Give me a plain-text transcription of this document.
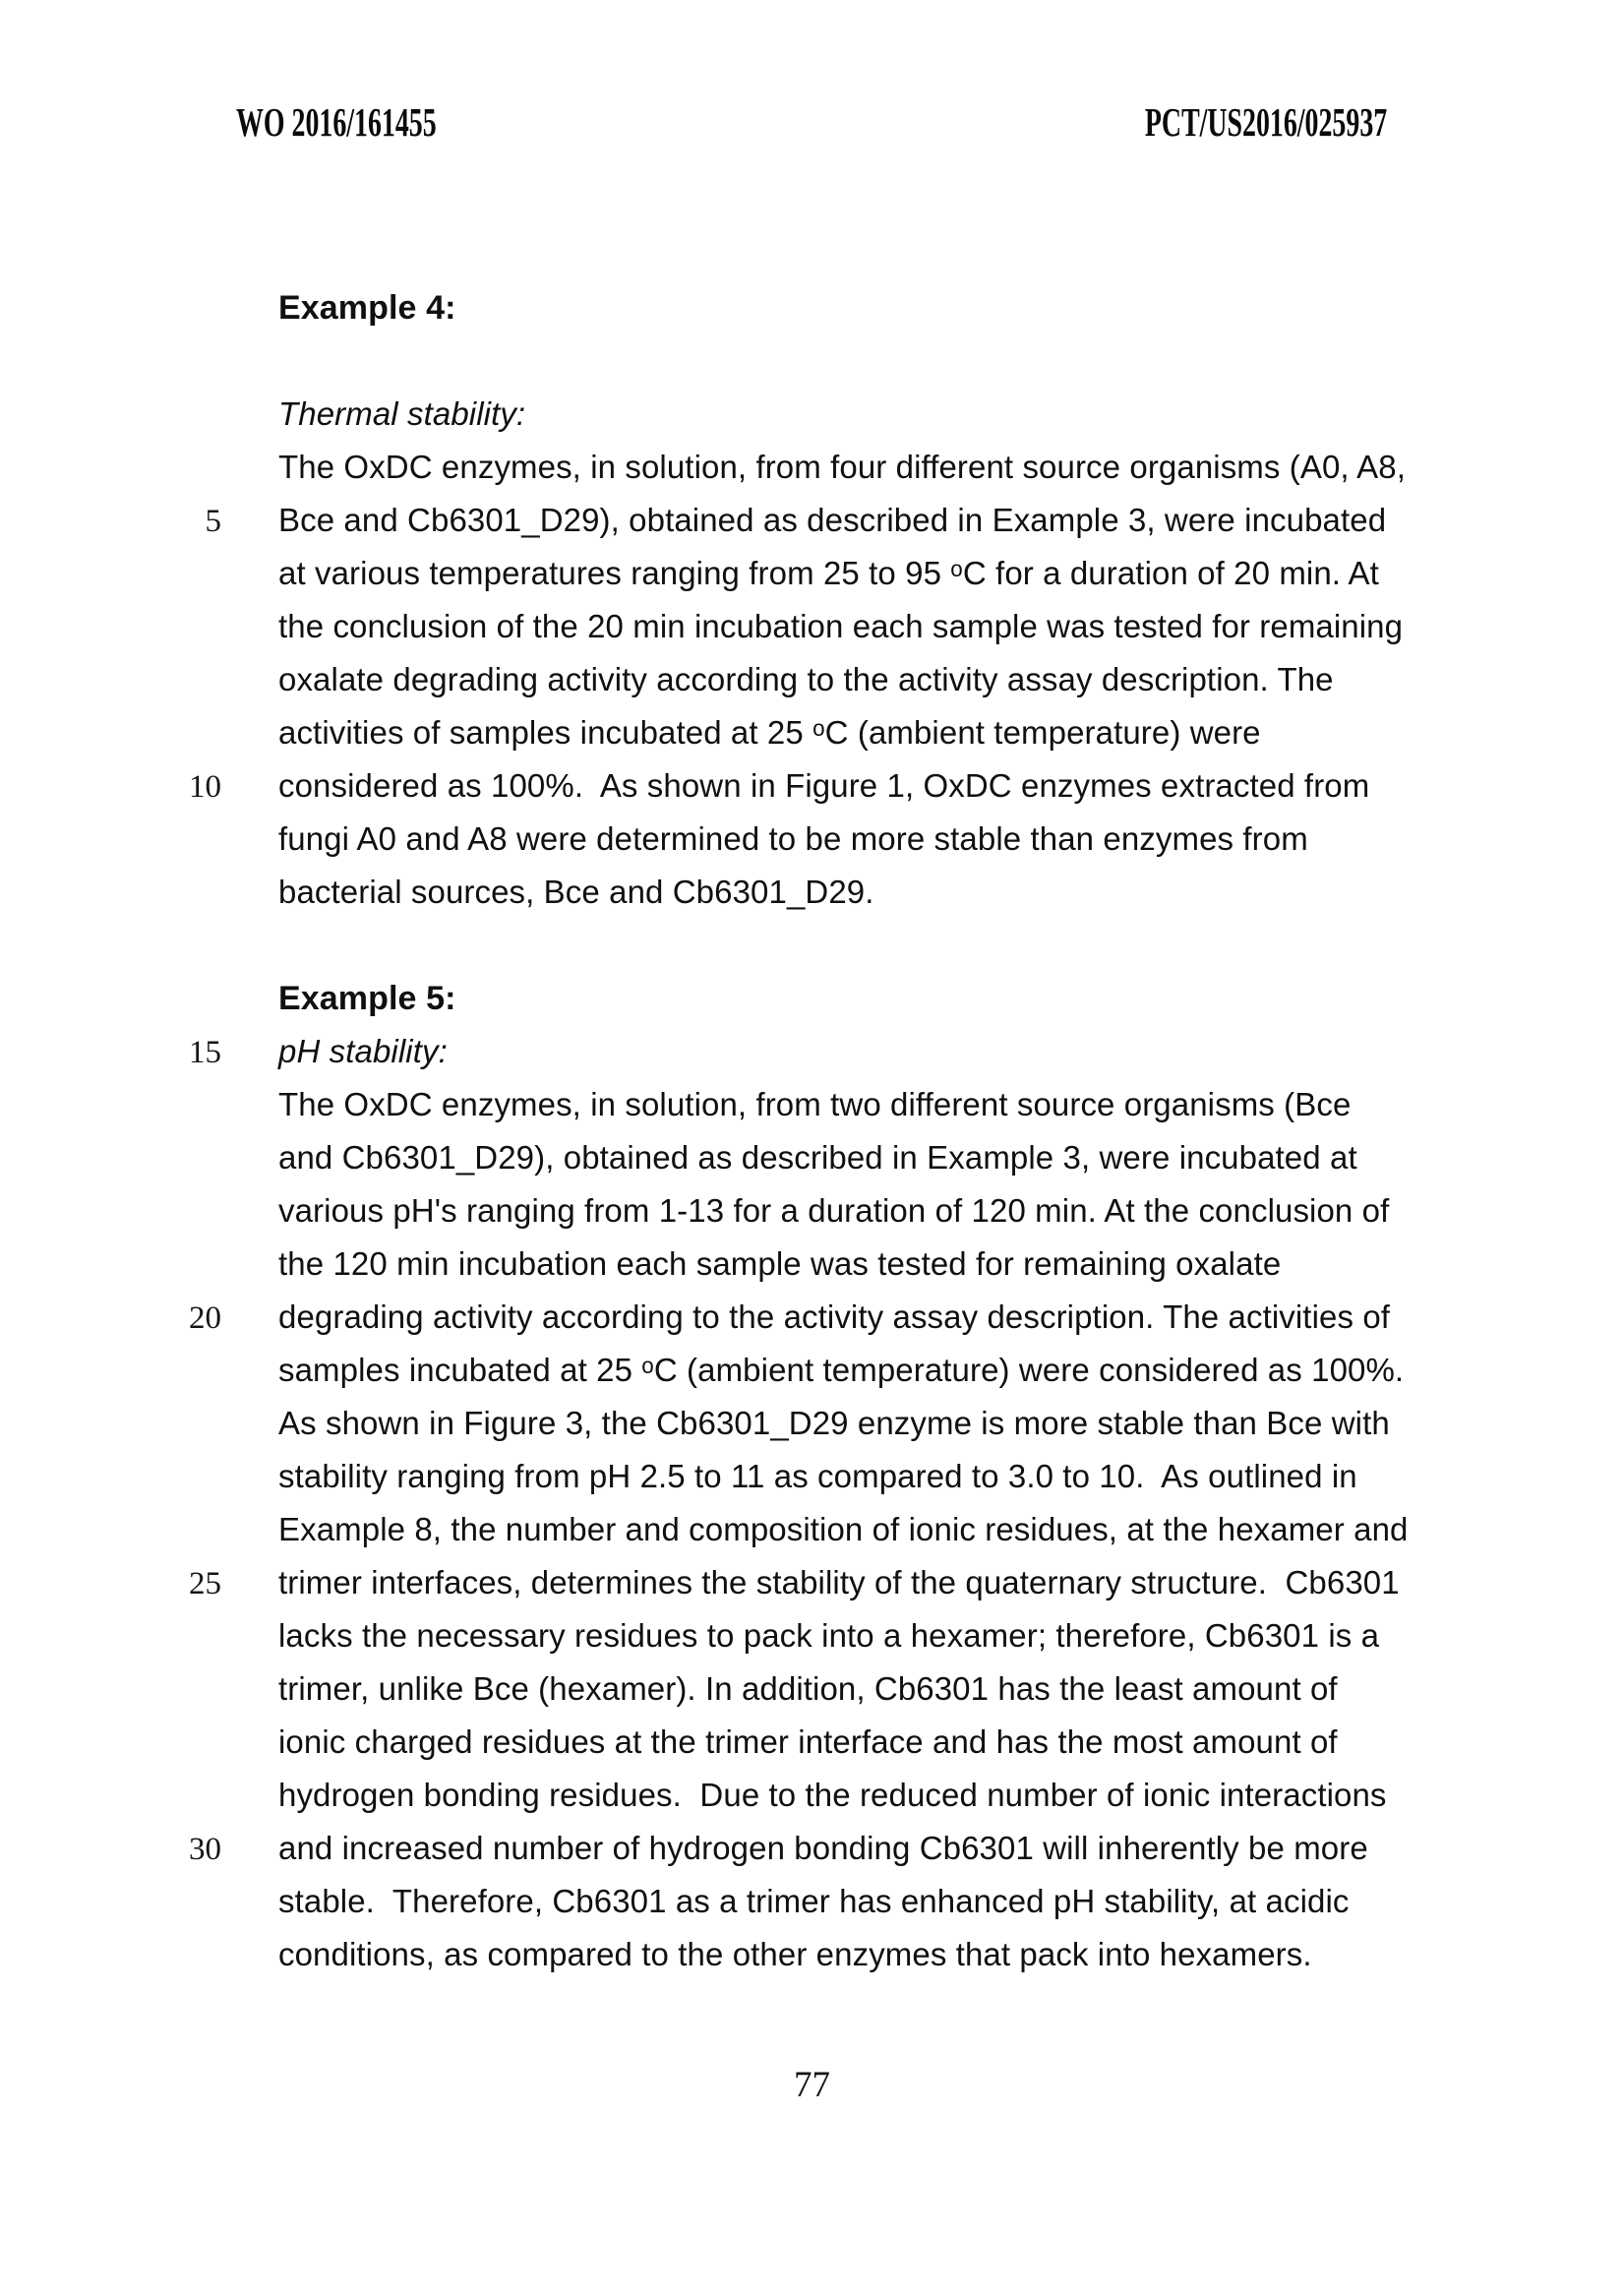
WO 2016/161455	PCT/US2016/025937
Example 4:
Thermal stability:
The OxDC enzymes, in solution, from four different source organisms (A0, A8,
5	Bce and Cb6301_D29), obtained as described in Example 3, were incubated
at various temperatures ranging from 25 to 95 ᵒC for a duration of 20 min. At
the conclusion of the 20 min incubation each sample was tested for remaining
oxalate degrading activity according to the activity assay description. The
activities of samples incubated at 25 ᵒC (ambient temperature) were
10	considered as 100%.  As shown in Figure 1, OxDC enzymes extracted from
fungi A0 and A8 were determined to be more stable than enzymes from
bacterial sources, Bce and Cb6301_D29.
Example 5:
15	pH stability:
The OxDC enzymes, in solution, from two different source organisms (Bce
and Cb6301_D29), obtained as described in Example 3, were incubated at
various pH's ranging from 1-13 for a duration of 120 min. At the conclusion of
the 120 min incubation each sample was tested for remaining oxalate
20	degrading activity according to the activity assay description. The activities of
samples incubated at 25 ᵒC (ambient temperature) were considered as 100%.
As shown in Figure 3, the Cb6301_D29 enzyme is more stable than Bce with
stability ranging from pH 2.5 to 11 as compared to 3.0 to 10.  As outlined in
Example 8, the number and composition of ionic residues, at the hexamer and
25	trimer interfaces, determines the stability of the quaternary structure.  Cb6301
lacks the necessary residues to pack into a hexamer; therefore, Cb6301 is a
trimer, unlike Bce (hexamer). In addition, Cb6301 has the least amount of
ionic charged residues at the trimer interface and has the most amount of
hydrogen bonding residues.  Due to the reduced number of ionic interactions
30	and increased number of hydrogen bonding Cb6301 will inherently be more
stable.  Therefore, Cb6301 as a trimer has enhanced pH stability, at acidic
conditions, as compared to the other enzymes that pack into hexamers.
77
